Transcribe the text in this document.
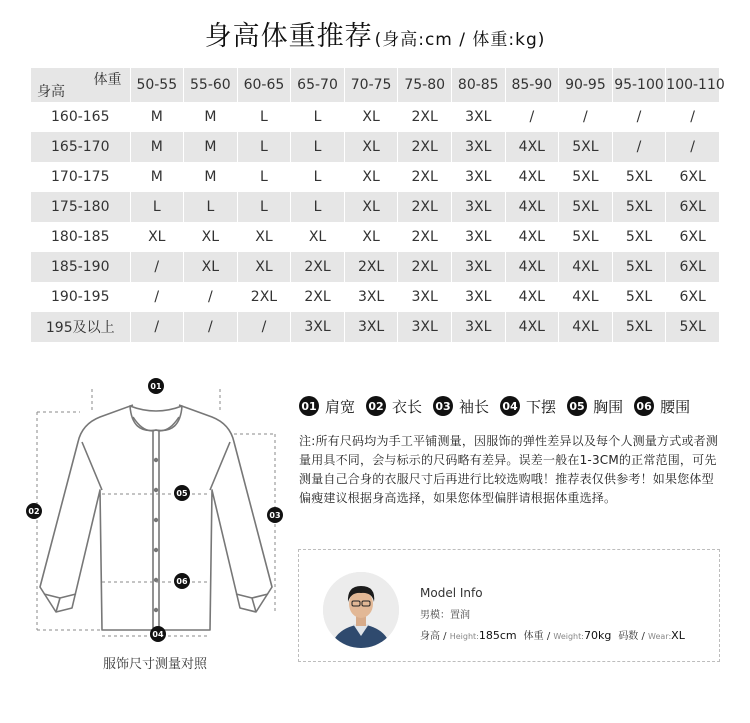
身高体重推荐 (身高:cm / 体重:kg)
体重
身高	50-55	55-60	60-65	65-70	70-75	75-80	80-85	85-90	90-95	95-100	100-110
160-165	M	M	L	L	XL	2XL	3XL	/	/	/	/
165-170	M	M	L	L	XL	2XL	3XL	4XL	5XL	/	/
170-175	M	M	L	L	XL	2XL	3XL	4XL	5XL	5XL	6XL
175-180	L	L	L	L	XL	2XL	3XL	4XL	5XL	5XL	6XL
180-185	XL	XL	XL	XL	XL	2XL	3XL	4XL	5XL	5XL	6XL
185-190	/	XL	XL	2XL	2XL	2XL	3XL	4XL	4XL	5XL	6XL
190-195	/	/	2XL	2XL	3XL	3XL	3XL	4XL	4XL	5XL	6XL
195及以上	/	/	/	3XL	3XL	3XL	3XL	4XL	4XL	5XL	5XL
01
02	03
04
05
06
服饰尺寸测量对照
01 肩宽 02 衣长 03 袖长 04 下摆 05 胸围 06 腰围
注:所有尺码均为手工平铺测量，因服饰的弹性差异以及每个人测量方式或者测量用具不同，会与标示的尺码略有差异。误差一般在1-3CM的正常范围，可先测量自己合身的衣服尺寸后再进行比较选购哦！推荐表仅供参考！如果您体型偏瘦建议根据身高选择，如果您体型偏胖请根据体重选择。
Model Info
男模：置润
身高 / Height:185cm 体重 / Weight:70kg 码数 / Wear:XL
